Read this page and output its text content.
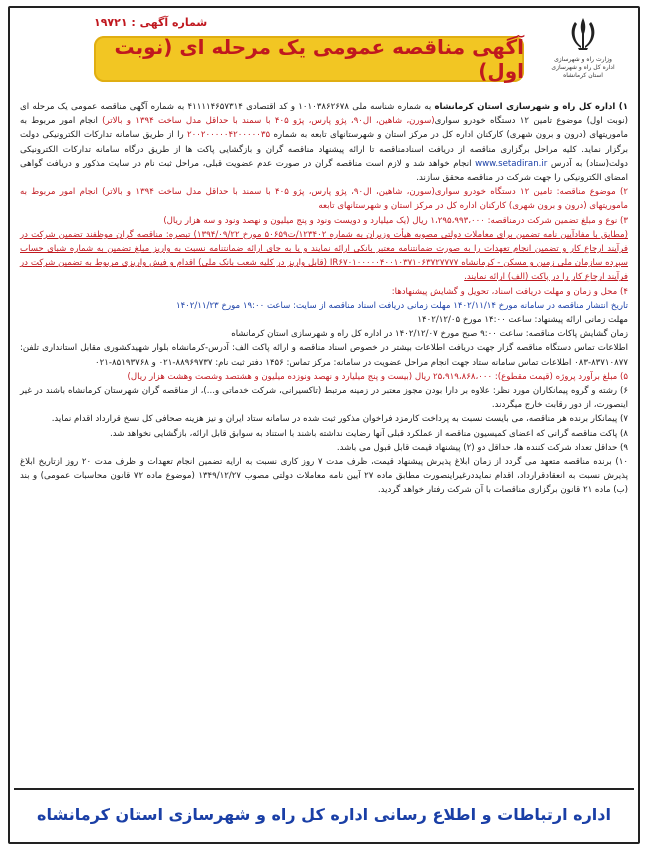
شماره آگهی : ۱۹۷۲۱
آگهی مناقصه عمومی یک مرحله ای (نوبت اول)	وزارت راه و شهرسازی
اداره کل راه و شهرسازی
استان کرمانشاه

۱) اداره کل راه و شهرسازی استان کرمانشاه به شماره شناسه ملی ۱۰۱۰۳۸۶۲۶۷۸ و کد اقتصادی ۴۱۱۱۱۴۶۵۷۳۱۴ به شماره آگهی مناقصه عمومی یک مرحله ای (نوبت اول) موضوع تامین ۱۲ دستگاه خودرو سواری(سورن، شاهین، ال۹۰، پژو پارس، پژو ۴۰۵ با سمند با حداقل مدل ساخت ۱۳۹۴ و بالاتر) انجام امور مربوط به ماموریتهای (درون و برون شهری) کارکنان اداره کل در مرکز استان و شهرستانهای تابعه به شماره ۲۰۰۲۰۰۰۰۰۴۲۰۰۰۰۰۳۵ را از طریق سامانه تدارکات الکترونیکی دولت برگزار نماید. کلیه مراحل برگزاری مناقصه از دریافت اسنادمناقصه تا ارائه پیشنهاد مناقصه گران و بازگشایی پاکت ها از طریق درگاه سامانه تدارکات الکترونیکی دولت(ستاد) به آدرس www.setadiran.ir انجام خواهد شد و لازم است مناقصه گران در صورت عدم عضویت قبلی، مراحل ثبت نام در سایت مذکور و دریافت گواهی امضای الکترونیکی را جهت شرکت در مناقصه محقق سازند.

۲) موضوع مناقصه: تامین ۱۲ دستگاه خودرو سواری(سورن، شاهین، ال۹۰، پژو پارس، پژو ۴۰۵ با سمند با حداقل مدل ساخت ۱۳۹۴ و بالاتر) انجام امور مربوط به ماموریتهای (درون و برون شهری) کارکنان اداره کل در مرکز استان و شهرستانهای تابعه

۳) نوع و مبلغ تضمین شرکت درمناقصه: ۱،۲۹۵،۹۹۳،۰۰۰ ریال (یک میلیارد و دویست ونود و پنج میلیون و نهصد ونود و سه هزار ریال)

(مطابق با مفادآیین نامه تضمین برای معاملات دولتی مصوبه هیأت وزیران به شماره ۱۲۳۴۰۲/ت۵۰۶۵۹ مورخ ۱۳۹۴/۰۹/۲۲) تبصره: مناقصه گران موظفند تضمین شرکت در فرآیند ارجاع کار و تضمین انجام تعهدات را به صورت ضمانتنامه معتبر بانکی ارائه نمایند و یا به جای ارائه ضمانتنامه نسبت به واریز مبلغ تضمین به شماره شبای حساب سپرده سازمان ملی زمین و مسکن - کرمانشاه IR۶۷۰۱۰۰۰۰۰۴۰۰۱۰۳۷۱۰۶۳۷۲۷۷۷۷ (قابل واریز در کلیه شعب بانک ملی) اقدام و فیش واریزی مربوط به تضمین شرکت در فرآیند ارجاع کار را در پاکت (الف) ارائه نمایند.

۴) محل و زمان و مهلت دریافت اسناد، تحویل و گشایش پیشنهادها:

تاریخ انتشار مناقصه در سامانه مورخ ۱۴۰۲/۱۱/۱۴ مهلت زمانی دریافت اسناد مناقصه از سایت: ساعت ۱۹:۰۰ مورخ ۱۴۰۲/۱۱/۲۳

مهلت زمانی ارائه پیشنهاد: ساعت ۱۴:۰۰ مورخ ۱۴۰۲/۱۲/۰۵

زمان گشایش پاکات مناقصه: ساعت ۹:۰۰ صبح مورخ ۱۴۰۲/۱۲/۰۷ در اداره کل راه و شهرسازی استان کرمانشاه

اطلاعات تماس دستگاه مناقصه گزار جهت دریافت اطلاعات بیشتر در خصوص اسناد مناقصه و ارائه پاکت الف: آدرس-کرمانشاه بلوار شهیدکشوری مقابل استانداری تلفن: ۸۳۷۱۰۸۷۷-۰۸۳ اطلاعات تماس سامانه ستاد جهت انجام مراحل عضویت در سامانه: مرکز تماس: ۱۴۵۶ دفتر ثبت نام: ۸۸۹۶۹۷۳۷-۰۲۱ و ۸۵۱۹۳۷۶۸-۰۲۱

۵) مبلغ برآورد پروژه (قیمت مقطوع): ۲۵،۹۱۹،۸۶۸،۰۰۰ ریال (بیست و پنج میلیارد و نهصد ونوزده میلیون و هشتصد وشصت وهشت هزار ریال)

۶) رشته و گروه پیمانکاران مورد نظر: علاوه بر دارا بودن مجوز معتبر در زمینه مرتبط (تاکسیرانی، شرکت خدماتی و...)، از مناقصه گران شهرستان کرمانشاه باشند در غیر اینصورت، از دور رقابت خارج میگردند.

۷) پیمانکار برنده هر مناقصه، می بایست نسبت به پرداخت کارمزد فراخوان مذکور ثبت شده در سامانه ستاد ایران و نیز هزینه صحافی کل نسخ قرارداد اقدام نماید.

۸) پاکت مناقصه گرانی که اعضای کمیسیون مناقصه از عملکرد قبلی آنها رضایت نداشته باشند با استناد به سوابق قابل ارائه، بازگشایی نخواهد شد.

۹) حداقل تعداد شرکت کننده ها، حداقل دو (۲) پیشنهاد قیمت قابل قبول می باشد.

۱۰) برنده مناقصه متعهد می گردد از زمان ابلاغ پذیرش پیشنهاد قیمت، ظرف مدت ۷ روز کاری نسبت به ارایه تضمین انجام تعهدات و ظرف مدت ۲۰ روز ازتاریخ ابلاغ پذیرش نسبت به انعقادقرارداد، اقدام نمایددرغیراینصورت مطابق ماده ۲۷ آیین نامه معاملات دولتی مصوب ۱۳۴۹/۱۲/۲۷ (موضوع ماده ۷۲ قانون محاسبات عمومی) و بند (ب) ماده ۲۱ قانون برگزاری مناقصات با آن شرکت رفتار خواهد گردید.

اداره ارتباطات و اطلاع رسانی اداره کل راه و شهرسازی استان کرمانشاه
